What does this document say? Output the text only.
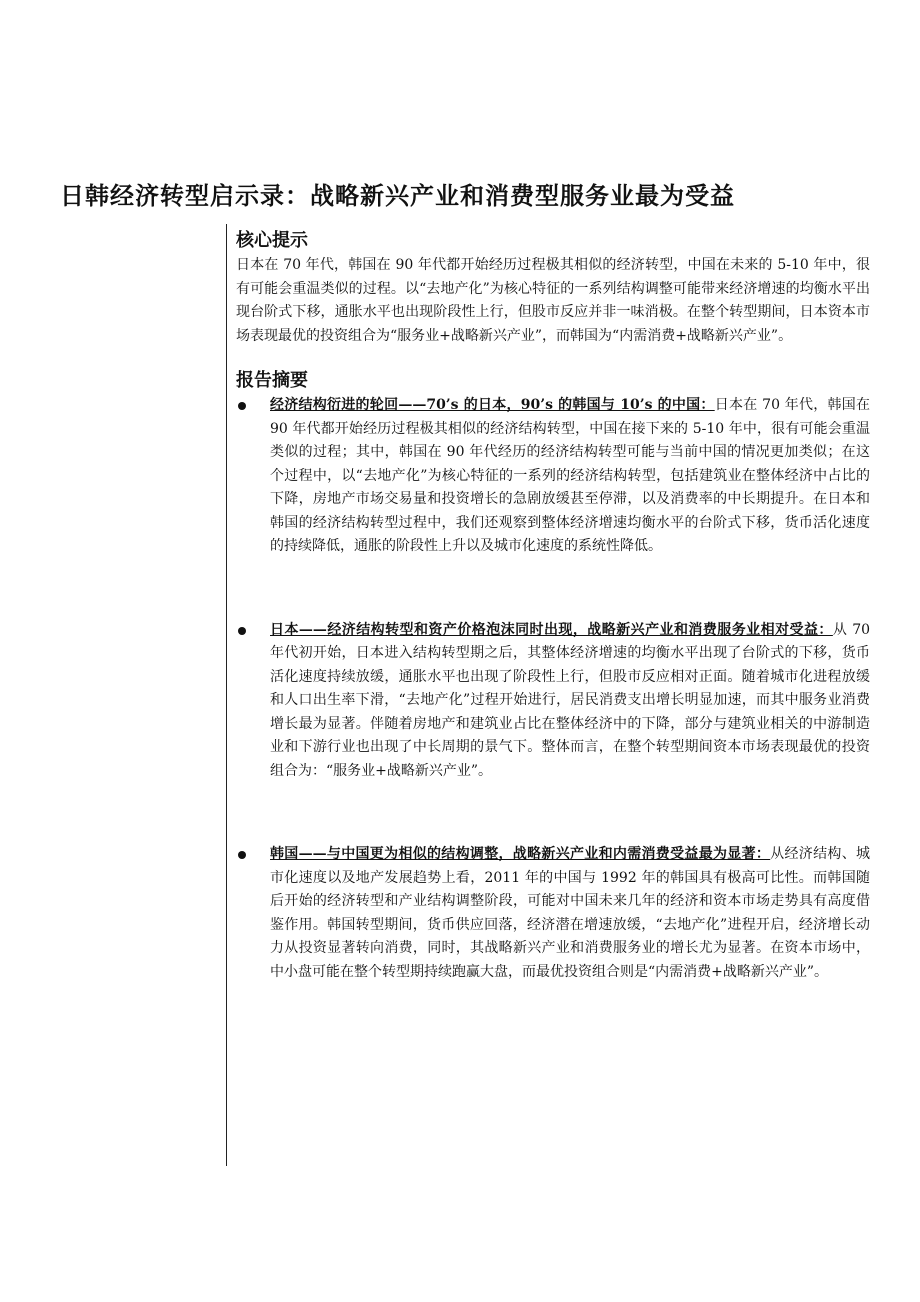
日韩经济转型启示录：战略新兴产业和消费型服务业最为受益
核心提示

日本在 70 年代，韩国在 90 年代都开始经历过程极其相似的经济转型，中国在未来的 5-10 年中，很有可能会重温类似的过程。以“去地产化”为核心特征的一系列结构调整可能带来经济增速的均衡水平出现台阶式下移，通胀水平也出现阶段性上行，但股市反应并非一味消极。在整个转型期间，日本资本市场表现最优的投资组合为“服务业+战略新兴产业”，而韩国为“内需消费+战略新兴产业”。

报告摘要

经济结构衍进的轮回——70’s 的日本，90’s 的韩国与 10’s 的中国：日本在 70 年代，韩国在 90 年代都开始经历过程极其相似的经济结构转型，中国在接下来的 5-10 年中，很有可能会重温类似的过程；其中，韩国在 90 年代经历的经济结构转型可能与当前中国的情况更加类似；在这个过程中，以“去地产化”为核心特征的一系列的经济结构转型，包括建筑业在整体经济中占比的下降，房地产市场交易量和投资增长的急剧放缓甚至停滞，以及消费率的中长期提升。在日本和韩国的经济结构转型过程中，我们还观察到整体经济增速均衡水平的台阶式下移，货币活化速度的持续降低，通胀的阶段性上升以及城市化速度的系统性降低。

日本——经济结构转型和资产价格泡沫同时出现，战略新兴产业和消费服务业相对受益：从 70 年代初开始，日本进入结构转型期之后，其整体经济增速的均衡水平出现了台阶式的下移，货币活化速度持续放缓，通胀水平也出现了阶段性上行，但股市反应相对正面。随着城市化进程放缓和人口出生率下滑，“去地产化”过程开始进行，居民消费支出增长明显加速，而其中服务业消费增长最为显著。伴随着房地产和建筑业占比在整体经济中的下降，部分与建筑业相关的中游制造业和下游行业也出现了中长周期的景气下。整体而言，在整个转型期间资本市场表现最优的投资组合为：“服务业+战略新兴产业”。

韩国——与中国更为相似的结构调整，战略新兴产业和内需消费受益最为显著：从经济结构、城市化速度以及地产发展趋势上看，2011 年的中国与 1992 年的韩国具有极高可比性。而韩国随后开始的经济转型和产业结构调整阶段，可能对中国未来几年的经济和资本市场走势具有高度借鉴作用。韩国转型期间，货币供应回落，经济潜在增速放缓，“去地产化”进程开启，经济增长动力从投资显著转向消费，同时，其战略新兴产业和消费服务业的增长尤为显著。在资本市场中，中小盘可能在整个转型期持续跑赢大盘，而最优投资组合则是“内需消费+战略新兴产业”。
